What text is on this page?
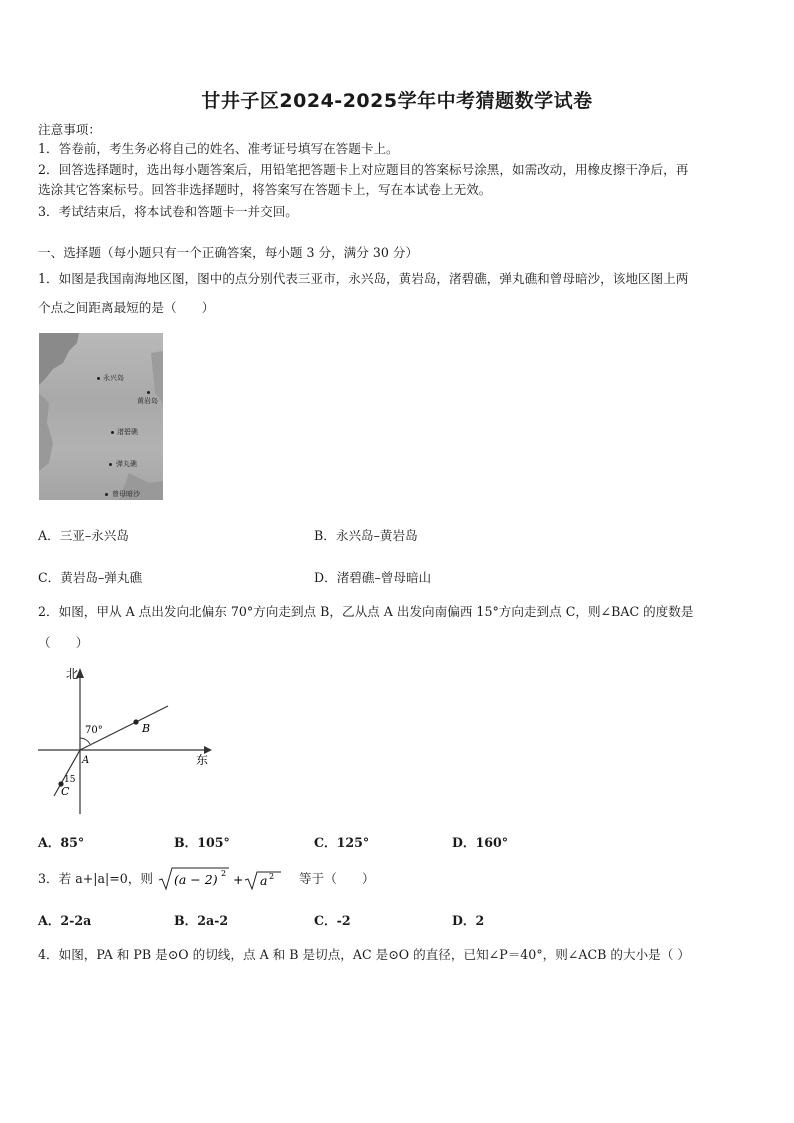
甘井子区2024-2025学年中考猜题数学试卷
注意事项：
1．答卷前，考生务必将自己的姓名、准考证号填写在答题卡上。
2．回答选择题时，选出每小题答案后，用铅笔把答题卡上对应题目的答案标号涂黑，如需改动，用橡皮擦干净后，再
选涂其它答案标号。回答非选择题时，将答案写在答题卡上，写在本试卷上无效。
3．考试结束后，将本试卷和答题卡一并交回。
一、选择题（每小题只有一个正确答案，每小题 3 分，满分 30 分）
1．如图是我国南海地区图，图中的点分别代表三亚市，永兴岛，黄岩岛，渚碧礁，弹丸礁和曾母暗沙，该地区图上两
个点之间距离最短的是（　　）
永兴岛
黄岩岛
渚碧礁
弹丸礁
曾母暗沙
A．三亚–永兴岛	B．永兴岛–黄岩岛
C．黄岩岛–弹丸礁	D．渚碧礁–曾母暗山
2．如图，甲从 A 点出发向北偏东 70°方向走到点 B，乙从点 A 出发向南偏西 15°方向走到点 C，则∠BAC 的度数是
（　　）
北
东
70°
15
A
B
C
A．85°	B．105°	C．125°	D．160°
3．若 a+|a|=0，则 (a − 2) 2 + a 2 等于（　　）
A．2-2a	B．2a-2	C．-2	D．2
4．如图，PA 和 PB 是⊙O 的切线，点 A 和 B 是切点，AC 是⊙O 的直径，已知∠P＝40°，则∠ACB 的大小是（ ）
